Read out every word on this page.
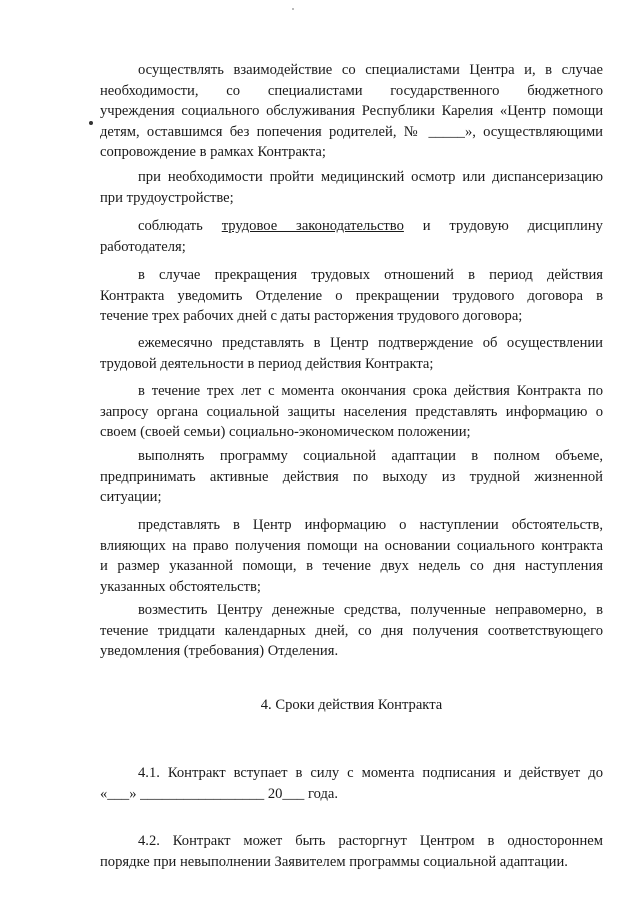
осуществлять взаимодействие со специалистами Центра и, в случае
необходимости, со специалистами государственного бюджетного
учреждения социального обслуживания Республики Карелия «Центр помощи
детям, оставшимся без попечения родителей, № _____», осуществляющими
сопровождение в рамках Контракта;

при необходимости пройти медицинский осмотр или диспансеризацию
при трудоустройстве;

соблюдать трудовое законодательство и трудовую дисциплину
работодателя;

в случае прекращения трудовых отношений в период действия
Контракта уведомить Отделение о прекращении трудового договора в
течение трех рабочих дней с даты расторжения трудового договора;

ежемесячно представлять в Центр подтверждение об осуществлении
трудовой деятельности в период действия Контракта;

в течение трех лет с момента окончания срока действия Контракта по
запросу органа социальной защиты населения представлять информацию о
своем (своей семьи) социально-экономическом положении;

выполнять программу социальной адаптации в полном объеме,
предпринимать активные действия по выходу из трудной жизненной
ситуации;

представлять в Центр информацию о наступлении обстоятельств,
влияющих на право получения помощи на основании социального контракта
и размер указанной помощи, в течение двух недель со дня наступления
указанных обстоятельств;

возместить Центру денежные средства, полученные неправомерно, в
течение тридцати календарных дней, со дня получения соответствующего
уведомления (требования) Отделения.

4. Сроки действия Контракта

4.1. Контракт вступает в силу с момента подписания и действует до
«___» _________________ 20___ года.

4.2. Контракт может быть расторгнут Центром в одностороннем
порядке при невыполнении Заявителем программы социальной адаптации.
